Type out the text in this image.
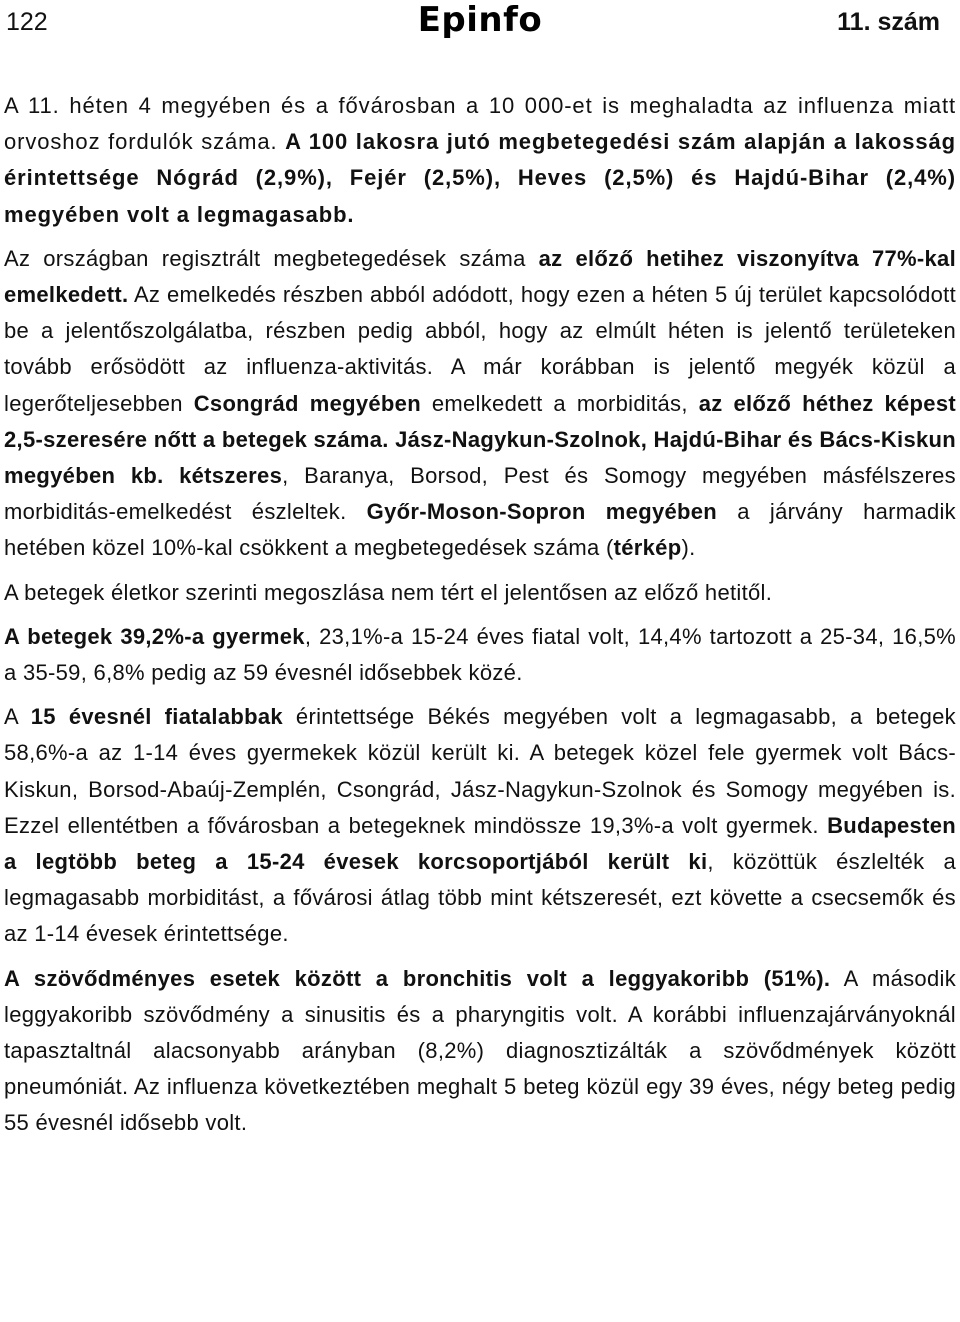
122	Epinfo	11. szám

A 11. héten 4 megyében és a fővárosban a 10 000-et is meghaladta az influenza miatt orvoshoz fordulók száma. A 100 lakosra jutó megbetegedési szám alapján a lakosság érintettsége Nógrád (2,9%), Fejér (2,5%), Heves (2,5%) és Hajdú-Bihar (2,4%) megyében volt a legmagasabb.

Az országban regisztrált megbetegedések száma az előző hetihez viszonyítva 77%-kal emelkedett. Az emelkedés részben abból adódott, hogy ezen a héten 5 új terület kapcsolódott be a jelentőszolgálatba, részben pedig abból, hogy az elmúlt héten is jelentő területeken tovább erősödött az influenza-aktivitás. A már korábban is jelentő megyék közül a legerőteljesebben Csongrád megyében emelkedett a morbiditás, az előző héthez képest 2,5-szeresére nőtt a betegek száma. Jász-Nagykun-Szolnok, Hajdú-Bihar és Bács-Kiskun megyében kb. kétszeres, Baranya, Borsod, Pest és Somogy megyében másfélszeres morbiditás-emelkedést észleltek. Győr-Moson-Sopron megyében a járvány harmadik hetében közel 10%-kal csökkent a megbetegedések száma (térkép).

A betegek életkor szerinti megoszlása nem tért el jelentősen az előző hetitől.

A betegek 39,2%-a gyermek, 23,1%-a 15-24 éves fiatal volt, 14,4% tartozott a 25-34, 16,5% a 35-59, 6,8% pedig az 59 évesnél idősebbek közé.

A 15 évesnél fiatalabbak érintettsége Békés megyében volt a legmagasabb, a betegek 58,6%-a az 1-14 éves gyermekek közül került ki. A betegek közel fele gyermek volt Bács-Kiskun, Borsod-Abaúj-Zemplén, Csongrád, Jász-Nagykun-Szolnok és Somogy megyében is. Ezzel ellentétben a fővárosban a betegeknek mindössze 19,3%-a volt gyermek. Budapesten a legtöbb beteg a 15-24 évesek korcsoportjából került ki, közöttük észlelték a legmagasabb morbiditást, a fővárosi átlag több mint kétszeresét, ezt követte a csecsemők és az 1-14 évesek érintettsége.

A szövődményes esetek között a bronchitis volt a leggyakoribb (51%). A második leggyakoribb szövődmény a sinusitis és a pharyngitis volt. A korábbi influenzajárványoknál tapasztaltnál alacsonyabb arányban (8,2%) diagnosztizálták a szövődmények között pneumóniát. Az influenza következtében meghalt 5 beteg közül egy 39 éves, négy beteg pedig 55 évesnél idősebb volt.
